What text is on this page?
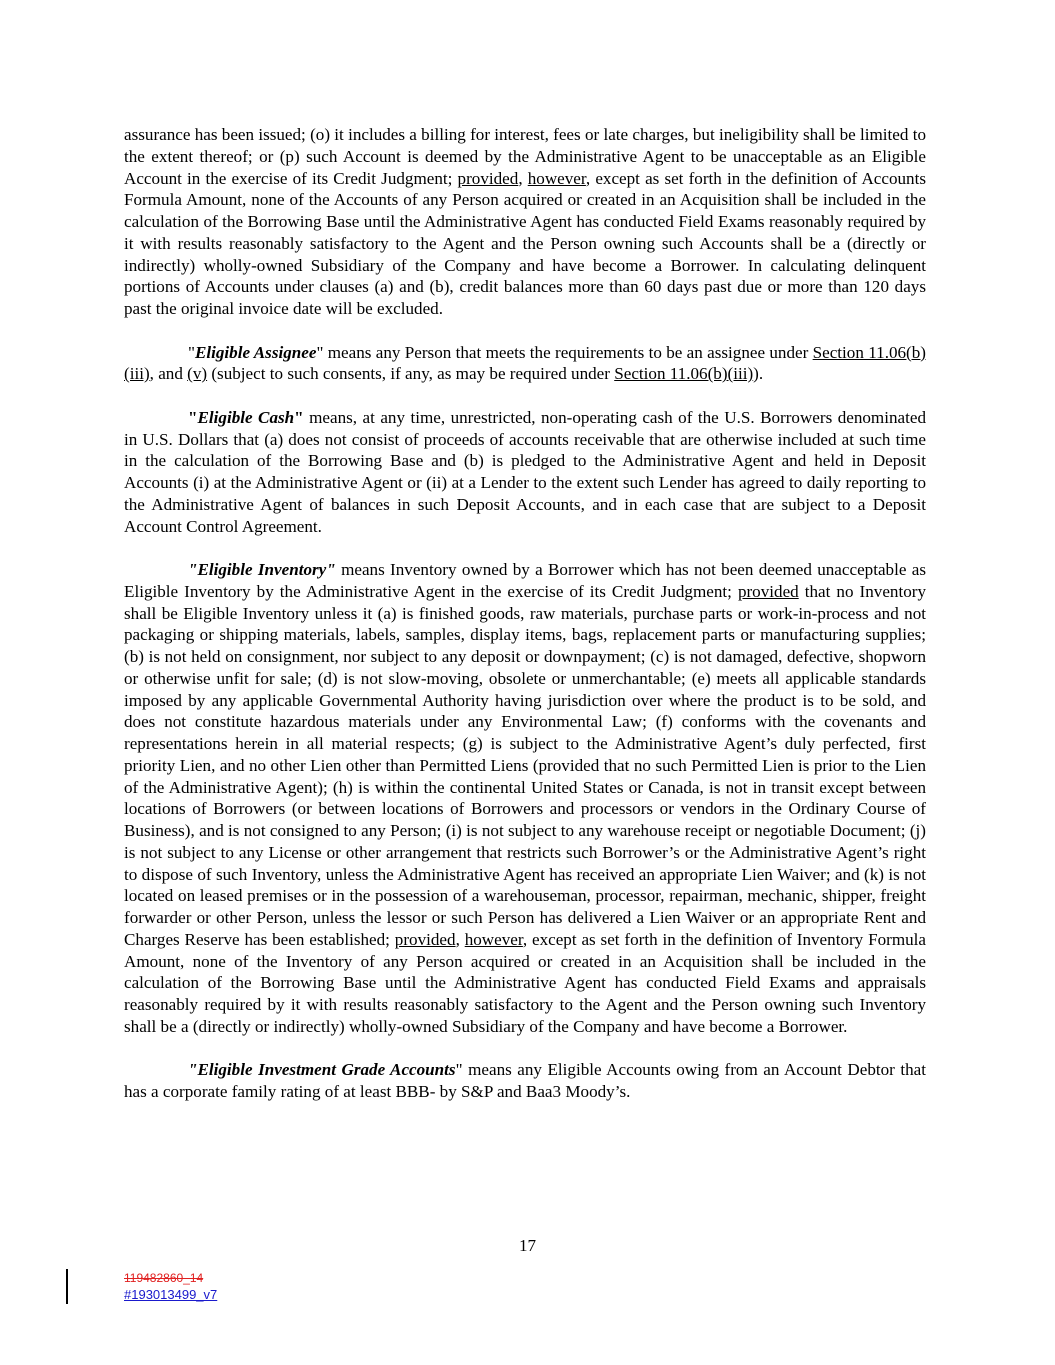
assurance has been issued; (o) it includes a billing for interest, fees or late charges, but ineligibility shall be limited to the extent thereof; or (p) such Account is deemed by the Administrative Agent to be unacceptable as an Eligible Account in the exercise of its Credit Judgment; provided, however, except as set forth in the definition of Accounts Formula Amount, none of the Accounts of any Person acquired or created in an Acquisition shall be included in the calculation of the Borrowing Base until the Administrative Agent has conducted Field Exams reasonably required by it with results reasonably satisfactory to the Agent and the Person owning such Accounts shall be a (directly or indirectly) wholly-owned Subsidiary of the Company and have become a Borrower. In calculating delinquent portions of Accounts under clauses (a) and (b), credit balances more than 60 days past due or more than 120 days past the original invoice date will be excluded.

"Eligible Assignee" means any Person that meets the requirements to be an assignee under Section 11.06(b)(iii), and (v) (subject to such consents, if any, as may be required under Section 11.06(b)(iii)).

"Eligible Cash" means, at any time, unrestricted, non-operating cash of the U.S. Borrowers denominated in U.S. Dollars that (a) does not consist of proceeds of accounts receivable that are otherwise included at such time in the calculation of the Borrowing Base and (b) is pledged to the Administrative Agent and held in Deposit Accounts (i) at the Administrative Agent or (ii) at a Lender to the extent such Lender has agreed to daily reporting to the Administrative Agent of balances in such Deposit Accounts, and in each case that are subject to a Deposit Account Control Agreement.

"Eligible Inventory" means Inventory owned by a Borrower which has not been deemed unacceptable as Eligible Inventory by the Administrative Agent in the exercise of its Credit Judgment; provided that no Inventory shall be Eligible Inventory unless it (a) is finished goods, raw materials, purchase parts or work-in-process and not packaging or shipping materials, labels, samples, display items, bags, replacement parts or manufacturing supplies; (b) is not held on consignment, nor subject to any deposit or downpayment; (c) is not damaged, defective, shopworn or otherwise unfit for sale; (d) is not slow-moving, obsolete or unmerchantable; (e) meets all applicable standards imposed by any applicable Governmental Authority having jurisdiction over where the product is to be sold, and does not constitute hazardous materials under any Environmental Law; (f) conforms with the covenants and representations herein in all material respects; (g) is subject to the Administrative Agent’s duly perfected, first priority Lien, and no other Lien other than Permitted Liens (provided that no such Permitted Lien is prior to the Lien of the Administrative Agent); (h) is within the continental United States or Canada, is not in transit except between locations of Borrowers (or between locations of Borrowers and processors or vendors in the Ordinary Course of Business), and is not consigned to any Person; (i) is not subject to any warehouse receipt or negotiable Document; (j) is not subject to any License or other arrangement that restricts such Borrower’s or the Administrative Agent’s right to dispose of such Inventory, unless the Administrative Agent has received an appropriate Lien Waiver; and (k) is not located on leased premises or in the possession of a warehouseman, processor, repairman, mechanic, shipper, freight forwarder or other Person, unless the lessor or such Person has delivered a Lien Waiver or an appropriate Rent and Charges Reserve has been established; provided, however, except as set forth in the definition of Inventory Formula Amount, none of the Inventory of any Person acquired or created in an Acquisition shall be included in the calculation of the Borrowing Base until the Administrative Agent has conducted Field Exams and appraisals reasonably required by it with results reasonably satisfactory to the Agent and the Person owning such Inventory shall be a (directly or indirectly) wholly-owned Subsidiary of the Company and have become a Borrower.

"Eligible Investment Grade Accounts" means any Eligible Accounts owing from an Account Debtor that has a corporate family rating of at least BBB- by S&P and Baa3 Moody’s.

17
119482860_14
#193013499_v7
